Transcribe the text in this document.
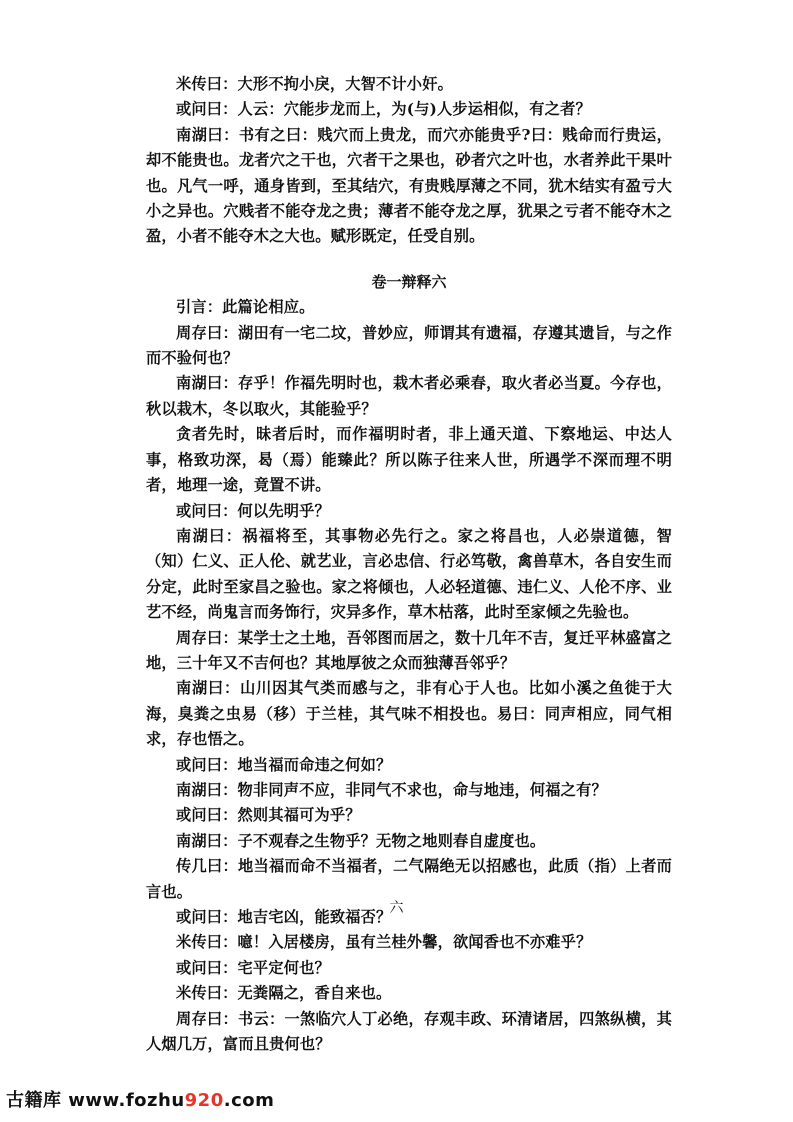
米传曰：大形不拘小戾，大智不计小奸。

或问曰：人云：穴能步龙而上，为(与)人步运相似，有之者？

南湖曰：书有之曰：贱穴而上贵龙，而穴亦能贵乎?曰：贱命而行贵运，却不能贵也。龙者穴之干也，穴者干之果也，砂者穴之叶也，水者养此干果叶也。凡气一呼，通身皆到，至其结穴，有贵贱厚薄之不同，犹木结实有盈亏大小之异也。穴贱者不能夺龙之贵；薄者不能夺龙之厚，犹果之亏者不能夺木之盈，小者不能夺木之大也。赋形既定，任受自别。

卷一辩释六

引言：此篇论相应。

周存曰：湖田有一宅二坟，普妙应，师谓其有遗福，存遵其遗旨，与之作而不验何也？

南湖曰：存乎！作福先明时也，栽木者必乘春，取火者必当夏。今存也，秋以栽木，冬以取火，其能验乎？

贪者先时，昧者后时，而作福明时者，非上通天道、下察地运、中达人事，格致功深，曷（焉）能臻此？所以陈子往来人世，所遇学不深而理不明者，地理一途，竟置不讲。

或问曰：何以先明乎？

南湖曰：祸福将至，其事物必先行之。家之将昌也，人必崇道德，智（知）仁义、正人伦、就艺业，言必忠信、行必笃敬，禽兽草木，各自安生而分定，此时至家昌之验也。家之将倾也，人必轻道德、违仁义、人伦不序、业艺不经，尚鬼言而务饰行，灾异多作，草木枯落，此时至家倾之先验也。

周存曰：某学士之土地，吾邻图而居之，数十几年不吉，复迁平林盛富之地，三十年又不吉何也？其地厚彼之众而独薄吾邻乎？

南湖曰：山川因其气类而感与之，非有心于人也。比如小溪之鱼徙于大海，臭粪之虫易（移）于兰桂，其气味不相投也。易曰：同声相应，同气相求，存也悟之。

或问曰：地当福而命违之何如？

南湖曰：物非同声不应，非同气不求也，命与地违，何福之有？

或问曰：然则其福可为乎？

南湖曰：子不观春之生物乎？无物之地则春自虚度也。

传几曰：地当福而命不当福者，二气隔绝无以招感也，此质（指）上者而言也。

或问曰：地吉宅凶，能致福否？

米传曰：噫！入居楼房，虽有兰桂外馨，欲闻香也不亦难乎？

或问曰：宅平定何也？

米传曰：无粪隔之，香自来也。

周存曰：书云：一煞临穴人丁必绝，存观丰政、环清诸居，四煞纵横，其人烟几万，富而且贵何也？

六
古籍库 www.fozhu920.com
